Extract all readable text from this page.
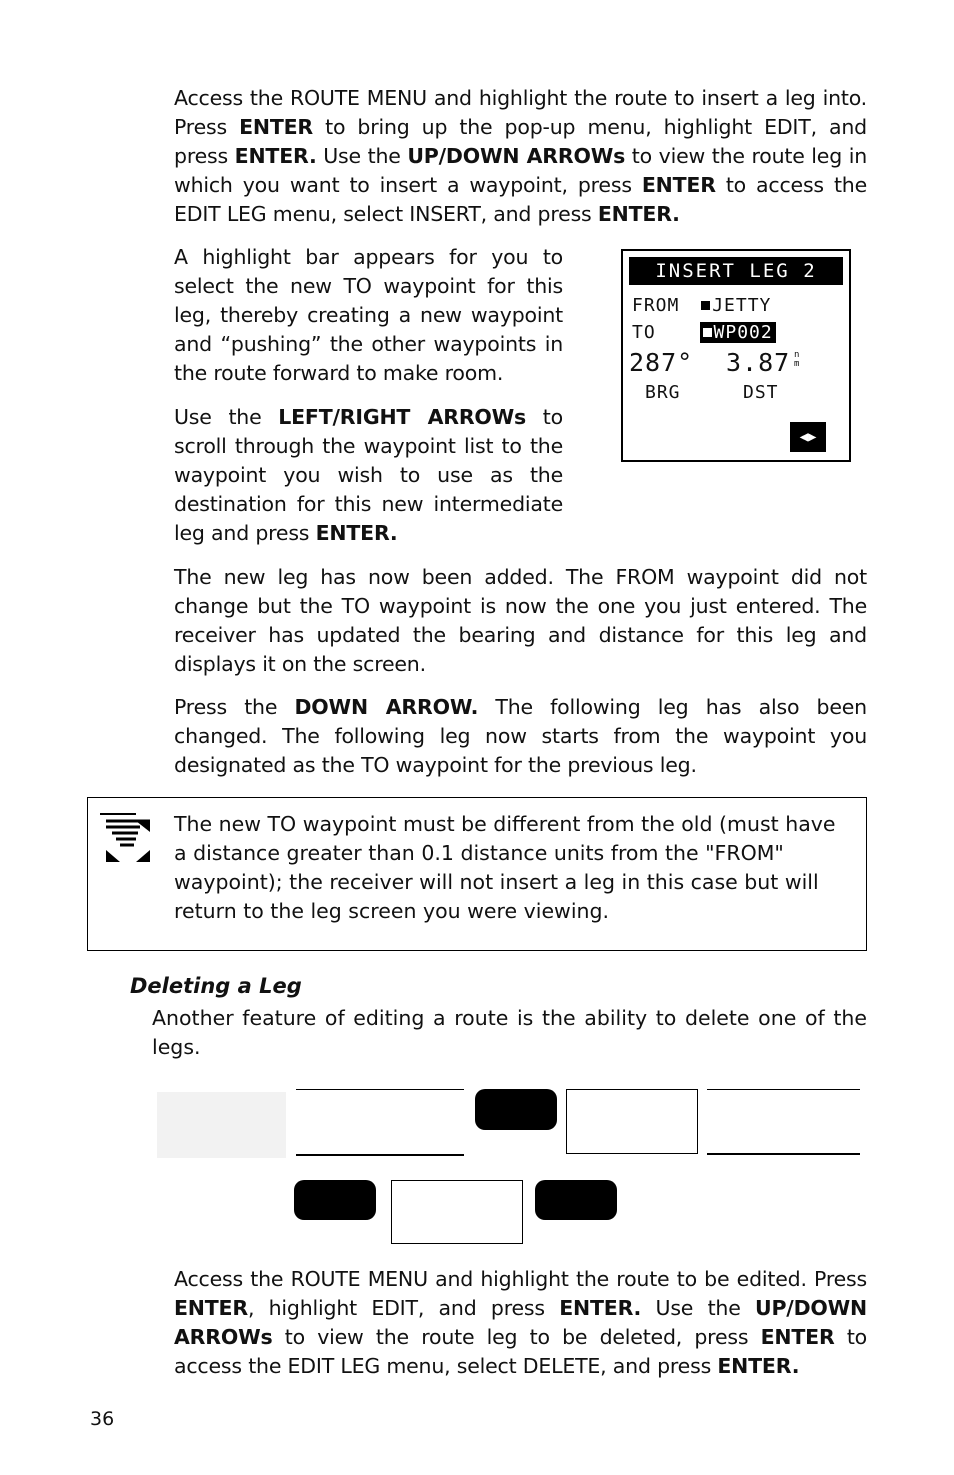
Access the ROUTE MENU and highlight the route to insert a leg into. Press ENTER to bring up the pop-up menu, highlight EDIT, and press ENTER. Use the UP/DOWN ARROWs to view the route leg in which you want to insert a waypoint, press ENTER to access the EDIT LEG menu, select INSERT, and press ENTER.
A highlight bar appears for you to select the new TO waypoint for this leg, thereby creating a new waypoint and “pushing” the other waypoints in the route forward to make room.
Use the LEFT/RIGHT ARROWs to scroll through the waypoint list to the waypoint you wish to use as the destination for this new intermediate leg and press ENTER.
INSERT LEG 2
FROM JETTY
TO	WP002
287° 3.87 nm
BRG	DST
◀▶
The new leg has now been added. The FROM waypoint did not change but the TO waypoint is now the one you just entered. The receiver has updated the bearing and distance for this leg and displays it on the screen.
Press the DOWN ARROW. The following leg has also been changed. The following leg now starts from the waypoint you designated as the TO waypoint for the previous leg.
The new TO waypoint must be different from the old (must have a distance greater than 0.1 distance units from the "FROM" waypoint); the receiver will not insert a leg in this case but will return to the leg screen you were viewing.
Deleting a Leg
Another feature of editing a route is the ability to delete one of the legs.
Access the ROUTE MENU and highlight the route to be edited. Press ENTER, highlight EDIT, and press ENTER. Use the UP/DOWN ARROWs to view the route leg to be deleted, press ENTER to access the EDIT LEG menu, select DELETE, and press ENTER.
36
